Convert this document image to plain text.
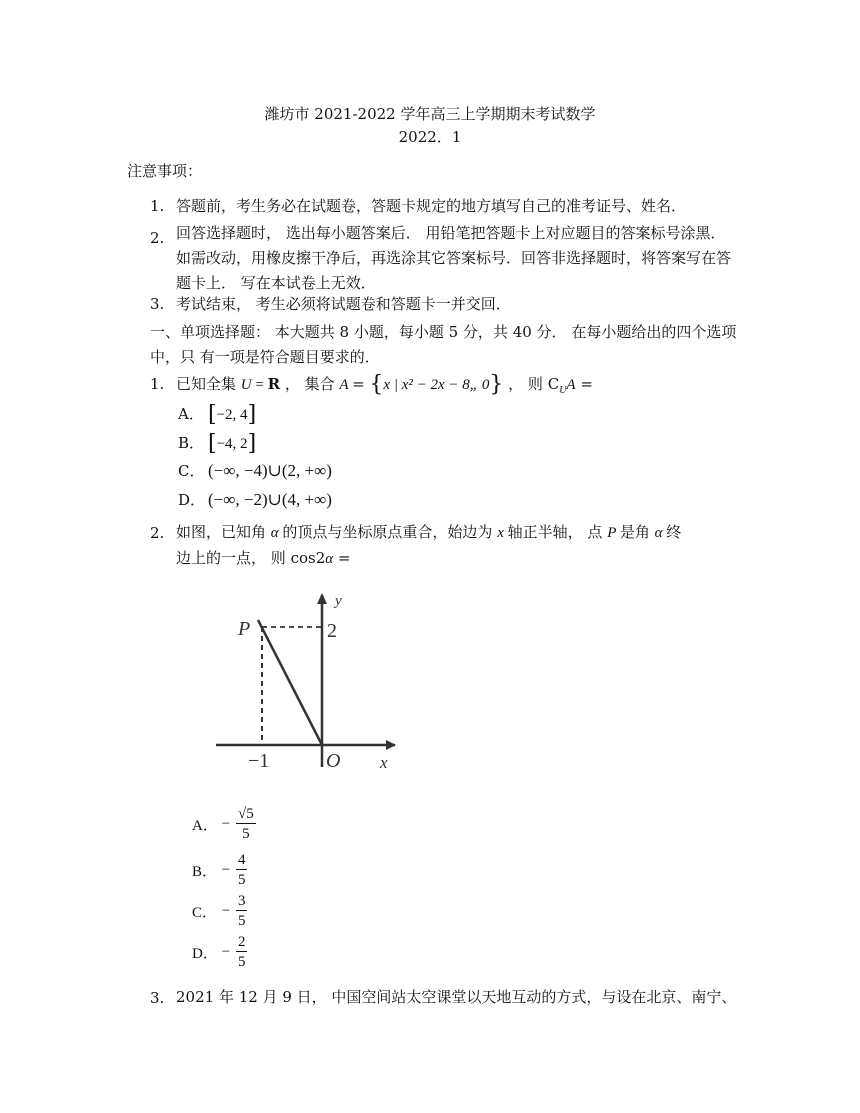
潍坊市 2021-2022 学年高三上学期期末考试数学
2022．1
注意事项：
1. 答题前，考生务必在试题卷，答题卡规定的地方填写自己的准考证号、姓名．
2. 回答选择题时， 选出每小题答案后． 用铅笔把答题卡上对应题目的答案标号涂黑． 如需改动，用橡皮擦干净后，再选涂其它答案标号．回答非选择题时，将答案写在答题卡上． 写在本试卷上无效．
3. 考试结束， 考生必须将试题卷和答题卡一并交回．
一、单项选择题： 本大题共 8 小题，每小题 5 分，共 40 分． 在每小题给出的四个选项中，只 有一项是符合题目要求的．
1. 已知全集 U = R ， 集合 A = {x | x² − 2x − 8„ 0} ， 则 $C_UA$ =
A． [−2, 4]
B． [−4, 2]
C． (−∞, −4)∪(2, +∞)
D． (−∞, −2)∪(4, +∞)
2. 如图，已知角 α 的顶点与坐标原点重合，始边为 x 轴正半轴， 点 P 是角 α 终
边上的一点， 则 cos2α =
P
y
x
O
2
−1
A． − $\frac{√5}{5}$
B． − $\frac{4}{5}$
C． − $\frac{3}{5}$
D． − $\frac{2}{5}$
3. 2021 年 12 月 9 日， 中国空间站太空课堂以天地互动的方式，与设在北京、南宁、
